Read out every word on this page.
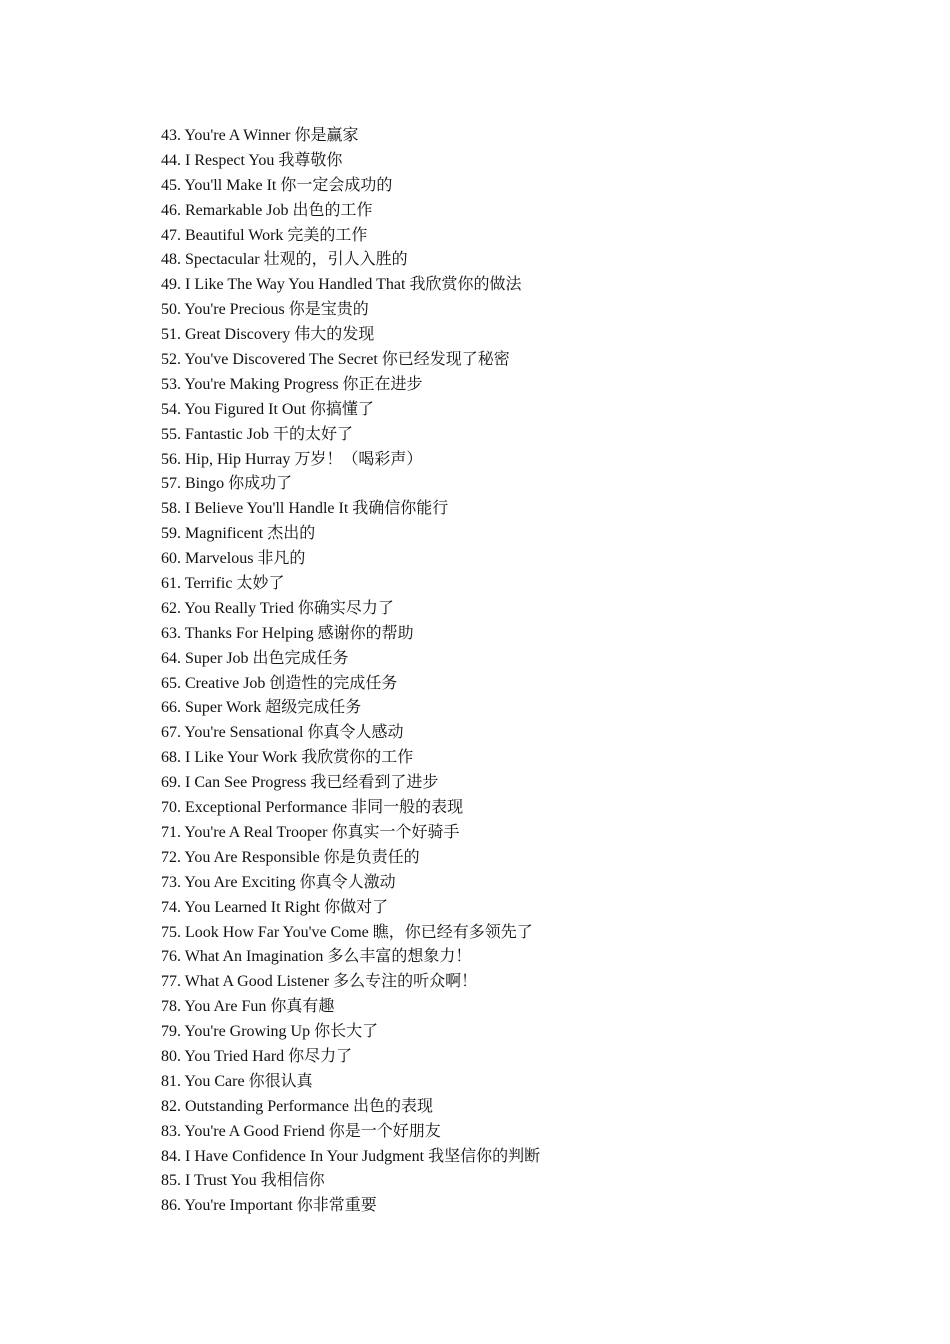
43. You're A Winner 你是赢家
44. I Respect You 我尊敬你
45. You'll Make It 你一定会成功的
46. Remarkable Job 出色的工作
47. Beautiful Work 完美的工作
48. Spectacular 壮观的，引人入胜的
49. I Like The Way You Handled That 我欣赏你的做法
50. You're Precious 你是宝贵的
51. Great Discovery 伟大的发现
52. You've Discovered The Secret 你已经发现了秘密
53. You're Making Progress 你正在进步
54. You Figured It Out 你搞懂了
55. Fantastic Job 干的太好了
56. Hip, Hip Hurray 万岁！（喝彩声）
57. Bingo 你成功了
58. I Believe You'll Handle It 我确信你能行
59. Magnificent 杰出的
60. Marvelous 非凡的
61. Terrific 太妙了
62. You Really Tried 你确实尽力了
63. Thanks For Helping 感谢你的帮助
64. Super Job 出色完成任务
65. Creative Job 创造性的完成任务
66. Super Work 超级完成任务
67. You're Sensational 你真令人感动
68. I Like Your Work 我欣赏你的工作
69. I Can See Progress 我已经看到了进步
70. Exceptional Performance 非同一般的表现
71. You're A Real Trooper 你真实一个好骑手
72. You Are Responsible 你是负责任的
73. You Are Exciting 你真令人激动
74. You Learned It Right 你做对了
75. Look How Far You've Come 瞧，你已经有多领先了
76. What An Imagination 多么丰富的想象力！
77. What A Good Listener 多么专注的听众啊！
78. You Are Fun 你真有趣
79. You're Growing Up 你长大了
80. You Tried Hard 你尽力了
81. You Care 你很认真
82. Outstanding Performance 出色的表现
83. You're A Good Friend 你是一个好朋友
84. I Have Confidence In Your Judgment 我坚信你的判断
85. I Trust You 我相信你
86. You're Important 你非常重要
